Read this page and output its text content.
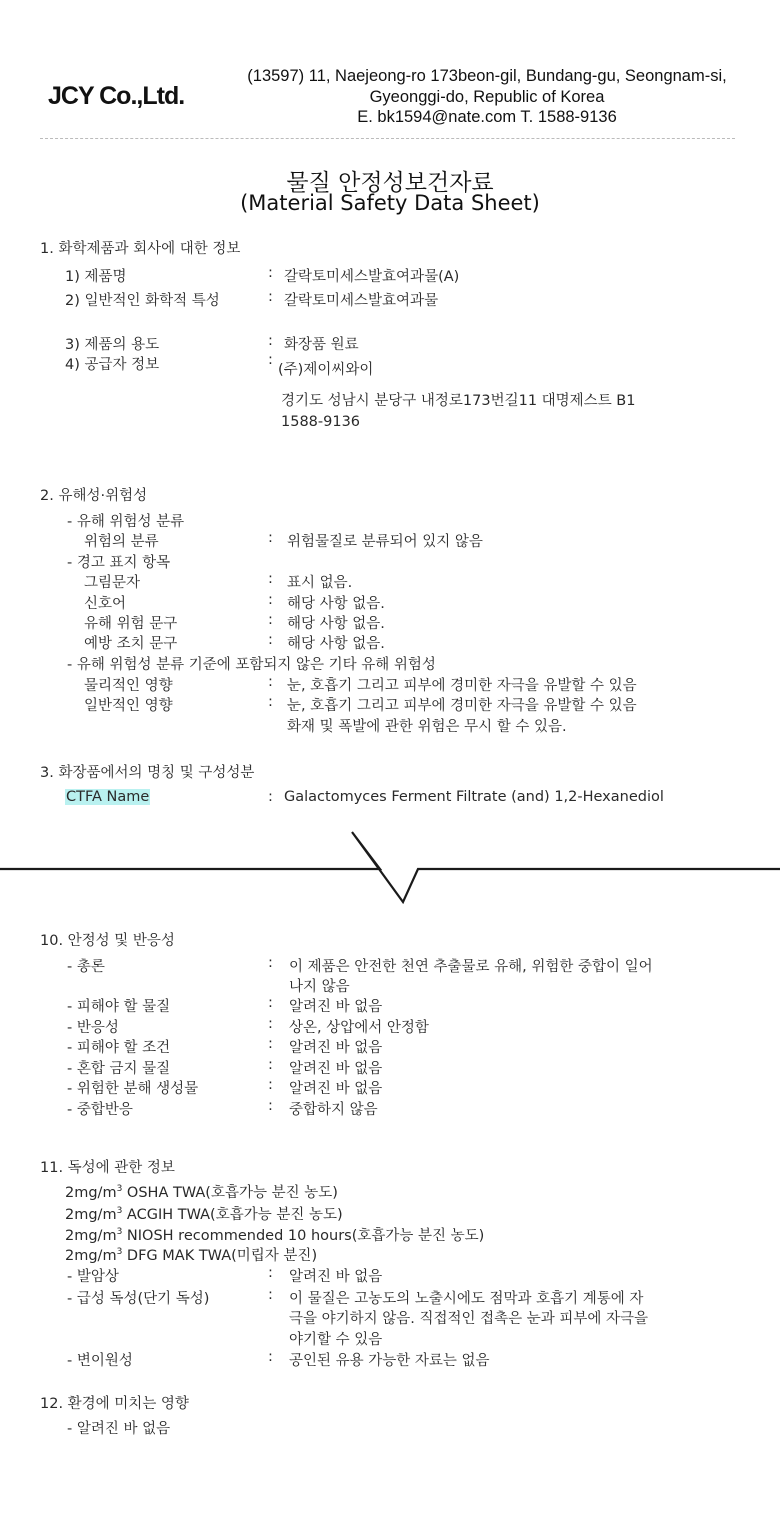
JCY Co.,Ltd.
(13597) 11, Naejeong-ro 173beon-gil, Bundang-gu, Seongnam-si,
Gyeonggi-do, Republic of Korea
E. bk1594@nate.com T. 1588-9136
물질 안정성보건자료
(Material Safety Data Sheet)
1. 화학제품과 회사에 대한 정보
1) 제품명	: 갈락토미세스발효여과물(A)
2) 일반적인 화학적 특성	: 갈락토미세스발효여과물
3) 제품의 용도	: 화장품 원료
4) 공급자 정보	:
(주)제이씨와이
경기도 성남시 분당구 내정로173번길11 대명제스트 B1
1588-9136
2. 유해성·위험성
- 유해 위험성 분류
위험의 분류	: 위험물질로 분류되어 있지 않음
- 경고 표지 항목
그림문자	: 표시 없음.
신호어	: 해당 사항 없음.
유해 위험 문구	: 해당 사항 없음.
예방 조치 문구	: 해당 사항 없음.
- 유해 위험성 분류 기준에 포함되지 않은 기타 유해 위험성
물리적인 영향	: 눈, 호흡기 그리고 피부에 경미한 자극을 유발할 수 있음
일반적인 영향	: 눈, 호흡기 그리고 피부에 경미한 자극을 유발할 수 있음
화재 및 폭발에 관한 위험은 무시 할 수 있음.
3. 화장품에서의 명칭 및 구성성분
CTFA Name	: Galactomyces Ferment Filtrate (and) 1,2-Hexanediol
10. 안정성 및 반응성
- 총론	: 이 제품은 안전한 천연 추출물로 유해, 위험한 중합이 일어
나지 않음
- 피해야 할 물질	: 알려진 바 없음
- 반응성	: 상온, 상압에서 안정함
- 피해야 할 조건	: 알려진 바 없음
- 혼합 금지 물질	: 알려진 바 없음
- 위험한 분해 생성물	: 알려진 바 없음
- 중합반응	: 중합하지 않음
11. 독성에 관한 정보
$2mg/m^3$ OSHA TWA(호흡가능 분진 농도)
$2mg/m^3$ ACGIH TWA(호흡가능 분진 농도)
$2mg/m^3$ NIOSH recommended 10 hours(호흡가능 분진 농도)
$2mg/m^3$ DFG MAK TWA(미립자 분진)
- 발암상	: 알려진 바 없음
- 급성 독성(단기 독성)	: 이 물질은 고농도의 노출시에도 점막과 호흡기 계통에 자
극을 야기하지 않음. 직접적인 접촉은 눈과 피부에 자극을
야기할 수 있음
- 변이원성	: 공인된 유용 가능한 자료는 없음
12. 환경에 미치는 영향
- 알려진 바 없음
